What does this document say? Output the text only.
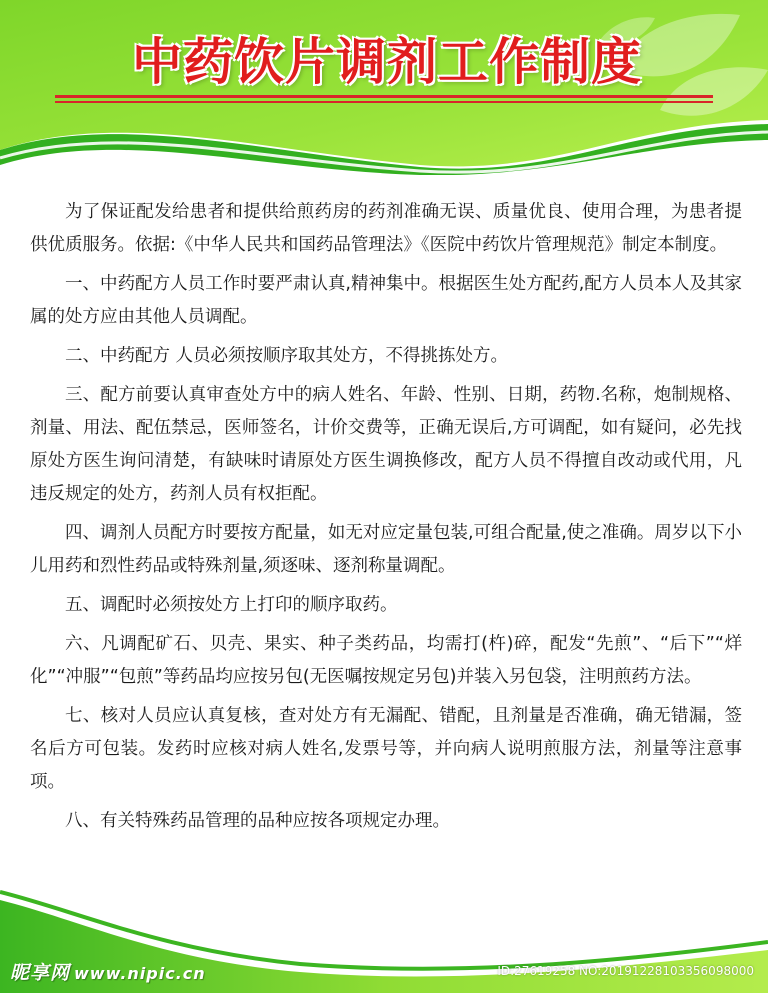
中药饮片调剂工作制度

为了保证配发给患者和提供给煎药房的药剂准确无误、质量优良、使用合理，为患者提供优质服务。依据:《中华人民共和国药品管理法》《医院中药饮片管理规范》制定本制度。

一、中药配方人员工作时要严肃认真,精神集中。根据医生处方配药,配方人员本人及其家属的处方应由其他人员调配。

二、中药配方 人员必须按顺序取其处方，不得挑拣处方。

三、配方前要认真审查处方中的病人姓名、年龄、性别、日期，药物.名称，炮制规格、剂量、用法、配伍禁忌，医师签名，计价交费等，正确无误后,方可调配，如有疑问，必先找原处方医生询问清楚，有缺味时请原处方医生调换修改，配方人员不得擅自改动或代用，凡违反规定的处方，药剂人员有权拒配。

四、调剂人员配方时要按方配量，如无对应定量包装,可组合配量,使之准确。周岁以下小儿用药和烈性药品或特殊剂量,须逐味、逐剂称量调配。

五、调配时必须按处方上打印的顺序取药。

六、凡调配矿石、贝壳、果实、种子类药品，均需打(杵)碎，配发“先煎”、“后下”“烊化”“冲服”“包煎”等药品均应按另包(无医嘱按规定另包)并装入另包袋，注明煎药方法。

七、核对人员应认真复核，查对处方有无漏配、错配，且剂量是否准确，确无错漏，签名后方可包装。发药时应核对病人姓名,发票号等，并向病人说明煎服方法，剂量等注意事项。

八、有关特殊药品管理的品种应按各项规定办理。

昵享网 www.nipic.cn	ID:27619258 NO:20191228103356098000
